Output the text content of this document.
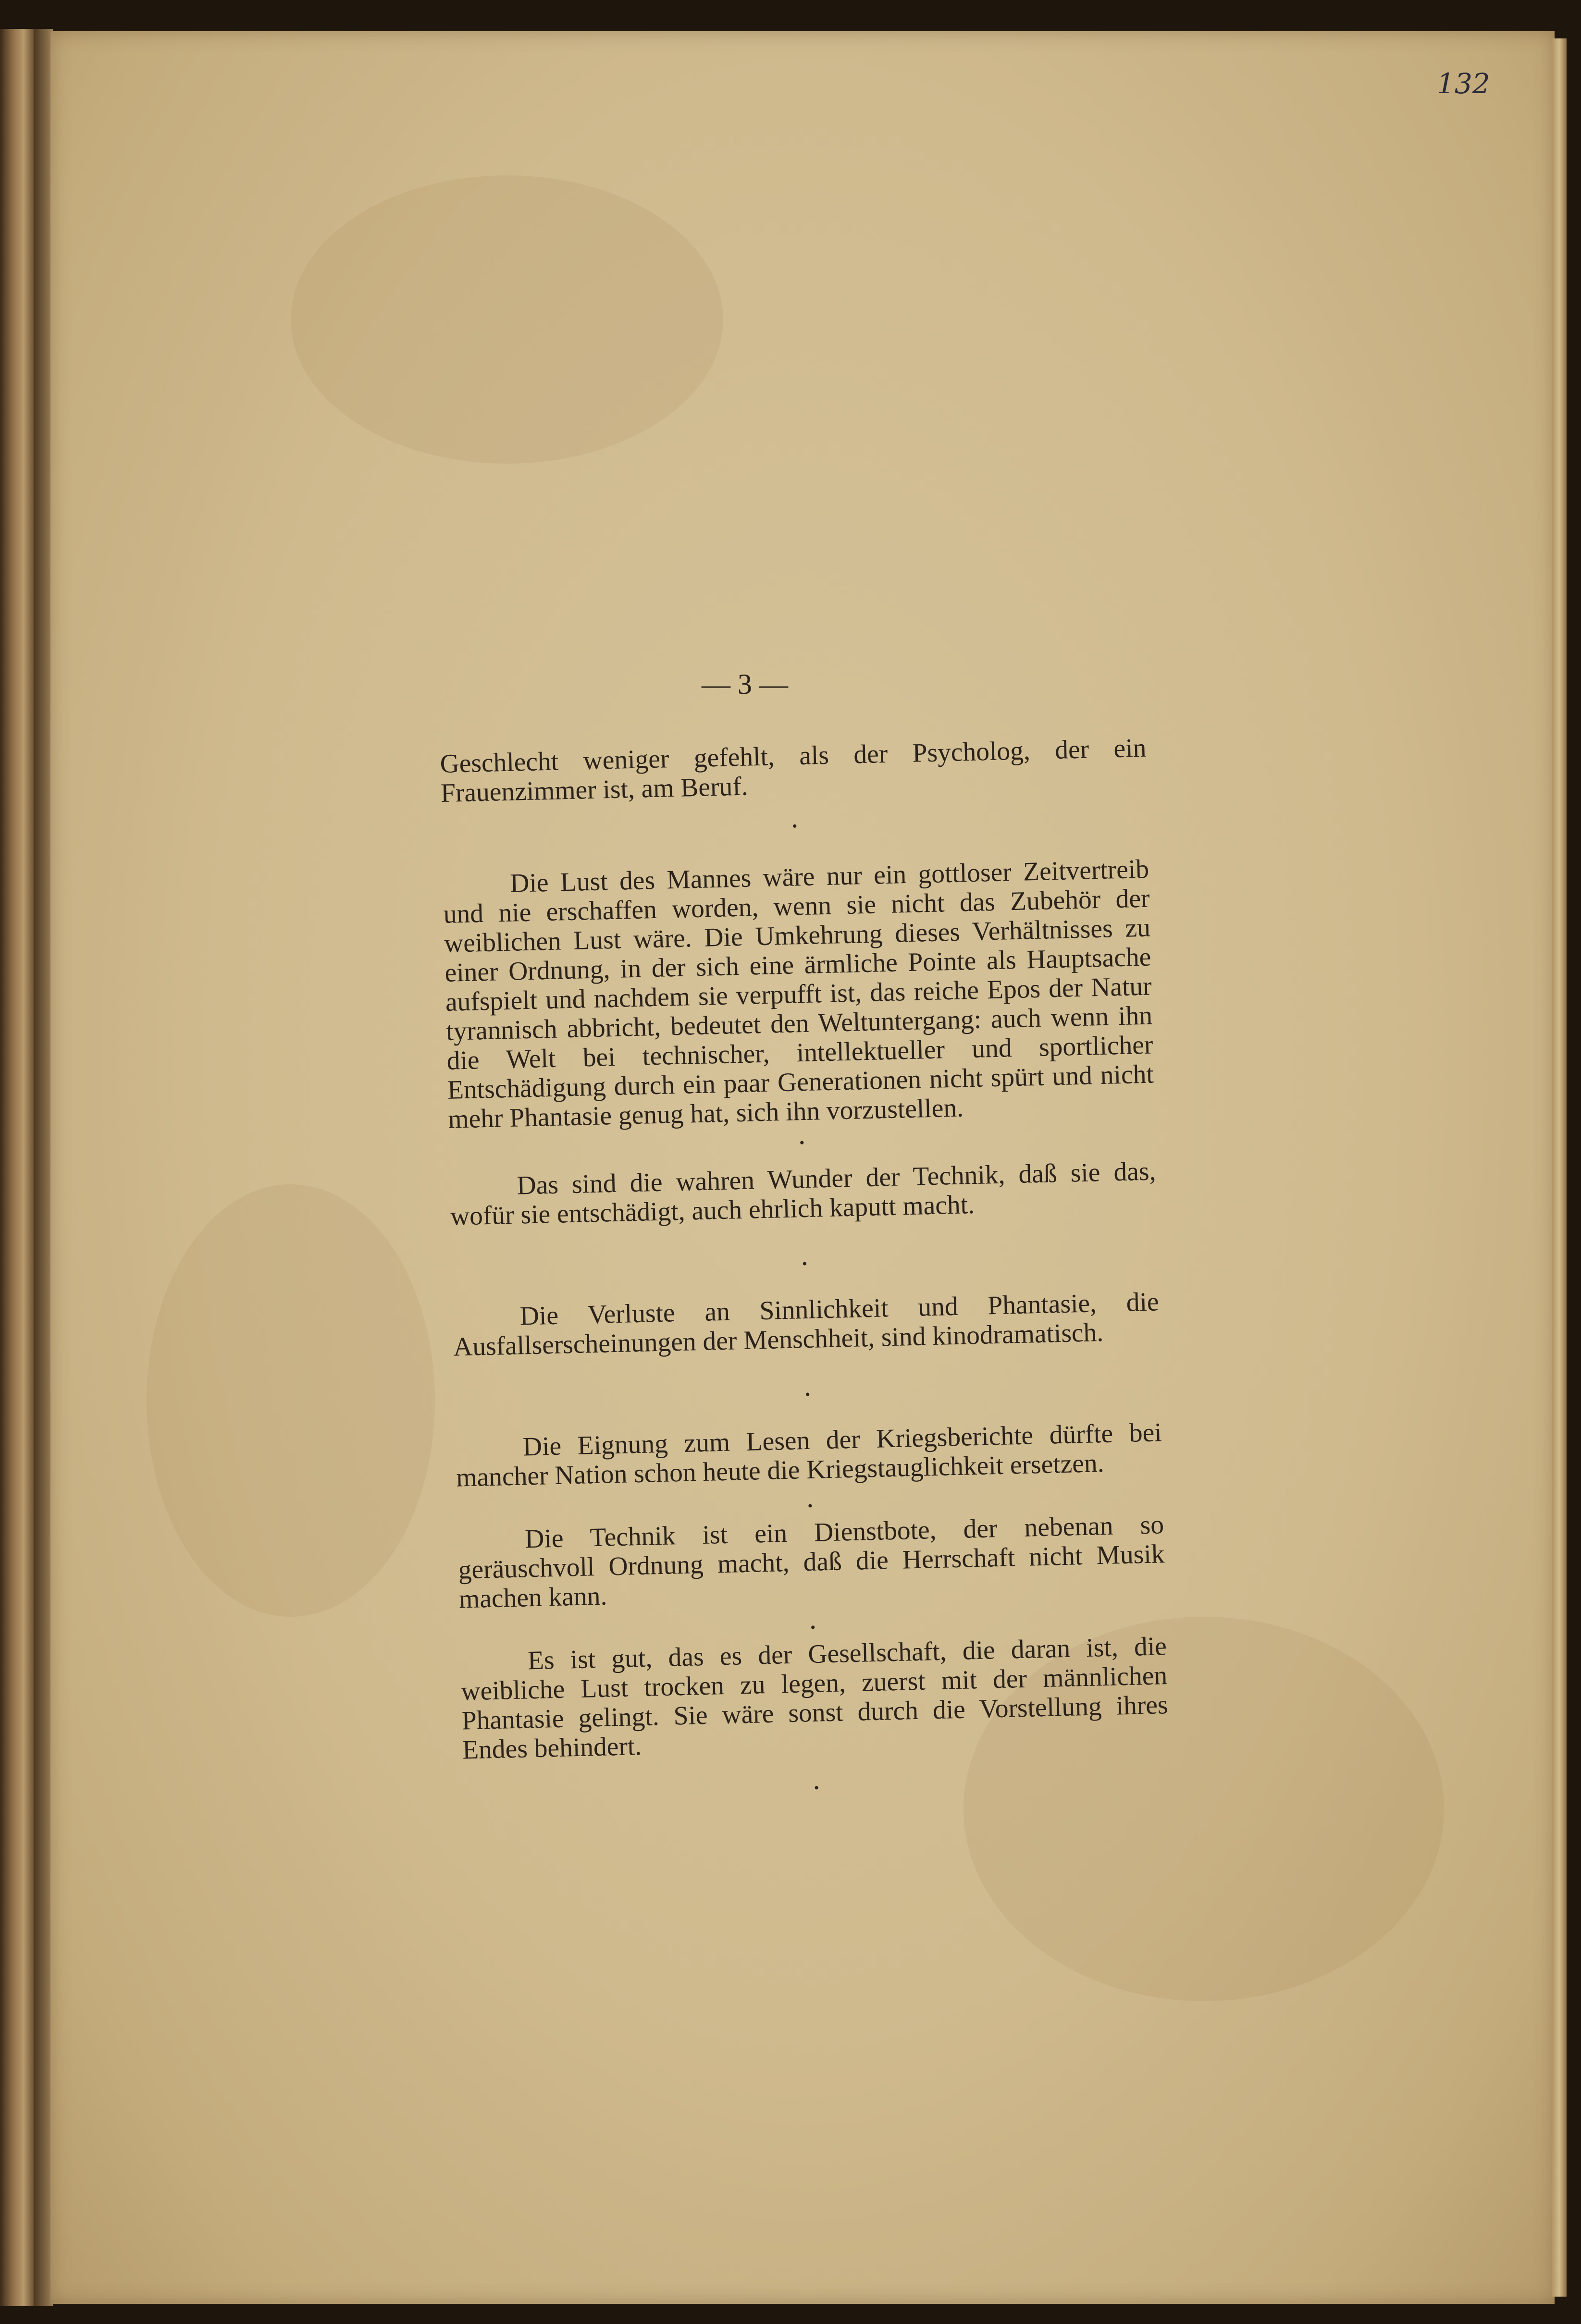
132
— 3 —

Geschlecht weniger gefehlt, als der Psycholog, der ein Frauenzimmer ist, am Beruf.

•

Die Lust des Mannes wäre nur ein gottloser Zeitvertreib und nie erschaffen worden, wenn sie nicht das Zubehör der weiblichen Lust wäre. Die Umkehrung dieses Verhältnisses zu einer Ordnung, in der sich eine ärmliche Pointe als Hauptsache aufspielt und nachdem sie verpufft ist, das reiche Epos der Natur tyrannisch abbricht, bedeutet den Weltuntergang: auch wenn ihn die Welt bei technischer, intellektueller und sportlicher Entschädigung durch ein paar Generationen nicht spürt und nicht mehr Phantasie genug hat, sich ihn vorzustellen.

•

Das sind die wahren Wunder der Technik, daß sie das, wofür sie entschädigt, auch ehrlich kaputt macht.

•

Die Verluste an Sinnlichkeit und Phantasie, die Ausfallserscheinungen der Menschheit, sind kinodramatisch.

•

Die Eignung zum Lesen der Kriegsberichte dürfte bei mancher Nation schon heute die Kriegstauglichkeit ersetzen.

•

Die Technik ist ein Dienstbote, der nebenan so geräuschvoll Ordnung macht, daß die Herrschaft nicht Musik machen kann.

•

Es ist gut, das es der Gesellschaft, die daran ist, die weibliche Lust trocken zu legen, zuerst mit der männlichen Phantasie gelingt. Sie wäre sonst durch die Vorstellung ihres Endes behindert.

•
